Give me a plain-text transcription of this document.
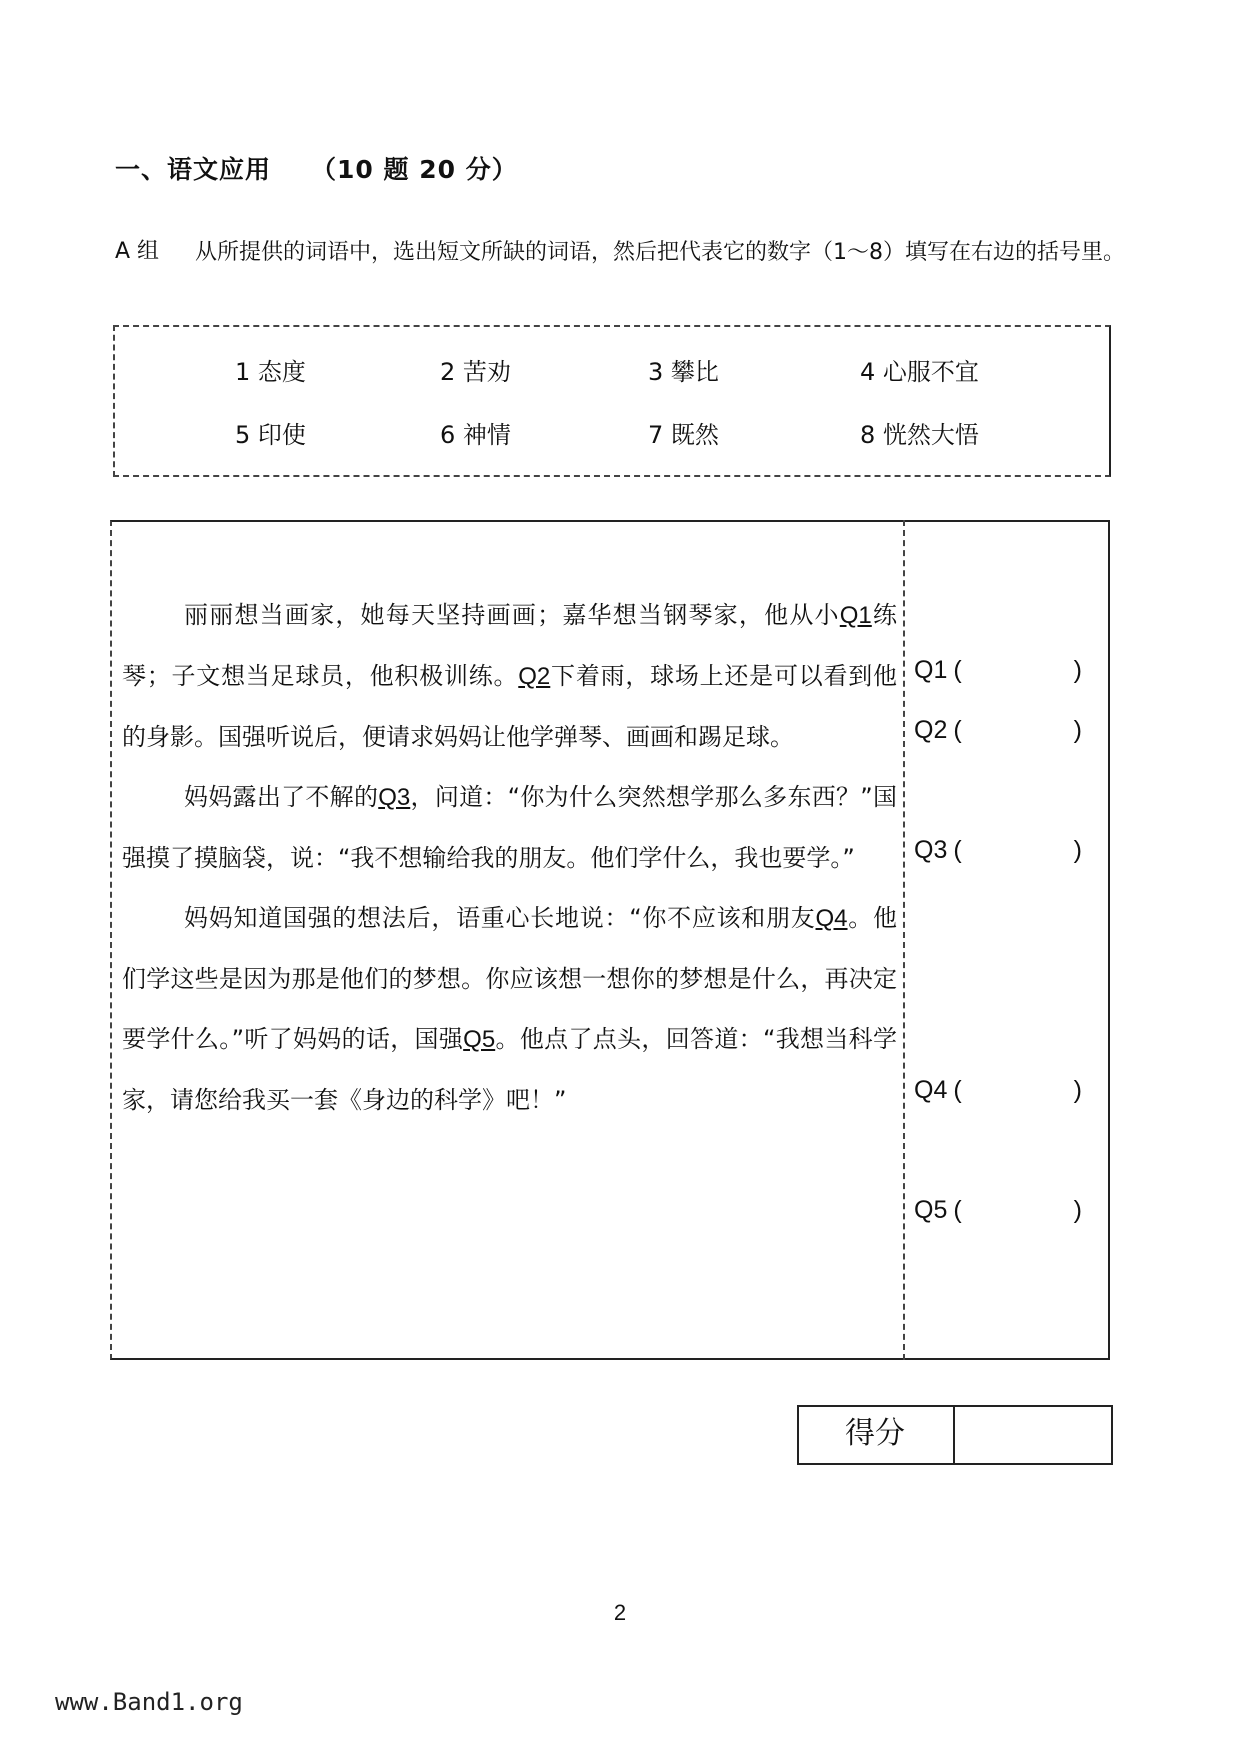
一、语文应用 （10 题 20 分）
A 组 从所提供的词语中，选出短文所缺的词语，然后把代表它的数字（1～8）填写在右边的括号里。
1 态度	2 苦劝	3 攀比	4 心服不宜
5 印使	6 神情	7 既然	8 恍然大悟

丽丽想当画家，她每天坚持画画；嘉华想当钢琴家，他从小Q1练琴；子文想当足球员，他积极训练。Q2下着雨，球场上还是可以看到他的身影。国强听说后，便请求妈妈让他学弹琴、画画和踢足球。

妈妈露出了不解的Q3，问道：“你为什么突然想学那么多东西？”国强摸了摸脑袋，说：“我不想输给我的朋友。他们学什么，我也要学。”

妈妈知道国强的想法后，语重心长地说：“你不应该和朋友Q4。他们学这些是因为那是他们的梦想。你应该想一想你的梦想是什么，再决定要学什么。”听了妈妈的话，国强Q5。他点了点头，回答道：“我想当科学家，请您给我买一套《身边的科学》吧！”

Q1 (	)
Q2 (	)
Q3 (	)
Q4 (	)
Q5 (	)
得分
2
www.Band1.org
